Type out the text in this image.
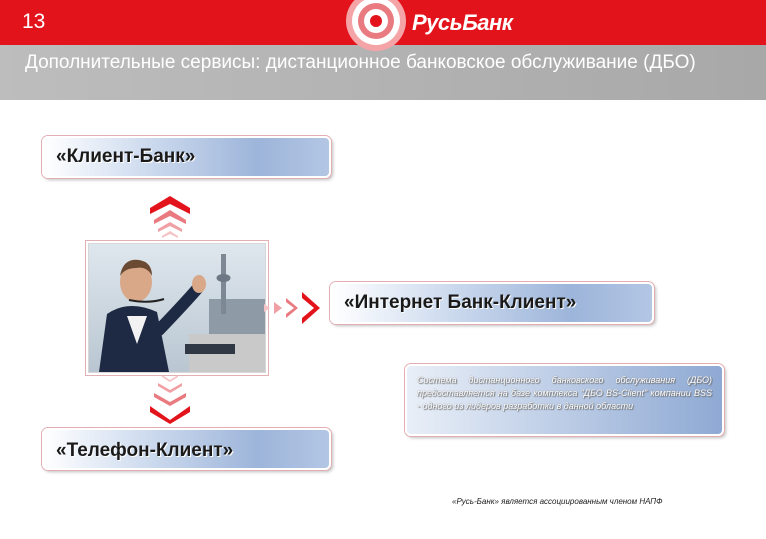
13	РусьБанк
Дополнительные сервисы: дистанционное банковское обслуживание (ДБО)
«Клиент-Банк»
«Интернет Банк-Клиент»
Система дистанционного банковского обслуживания (ДБО) предоставляется на базе комплекса "ДБО BS-Client" компании BSS - одного из лидеров разработки в данной области
«Телефон-Клиент»
«Русь-Банк» является ассоциированным членом НАПФ
